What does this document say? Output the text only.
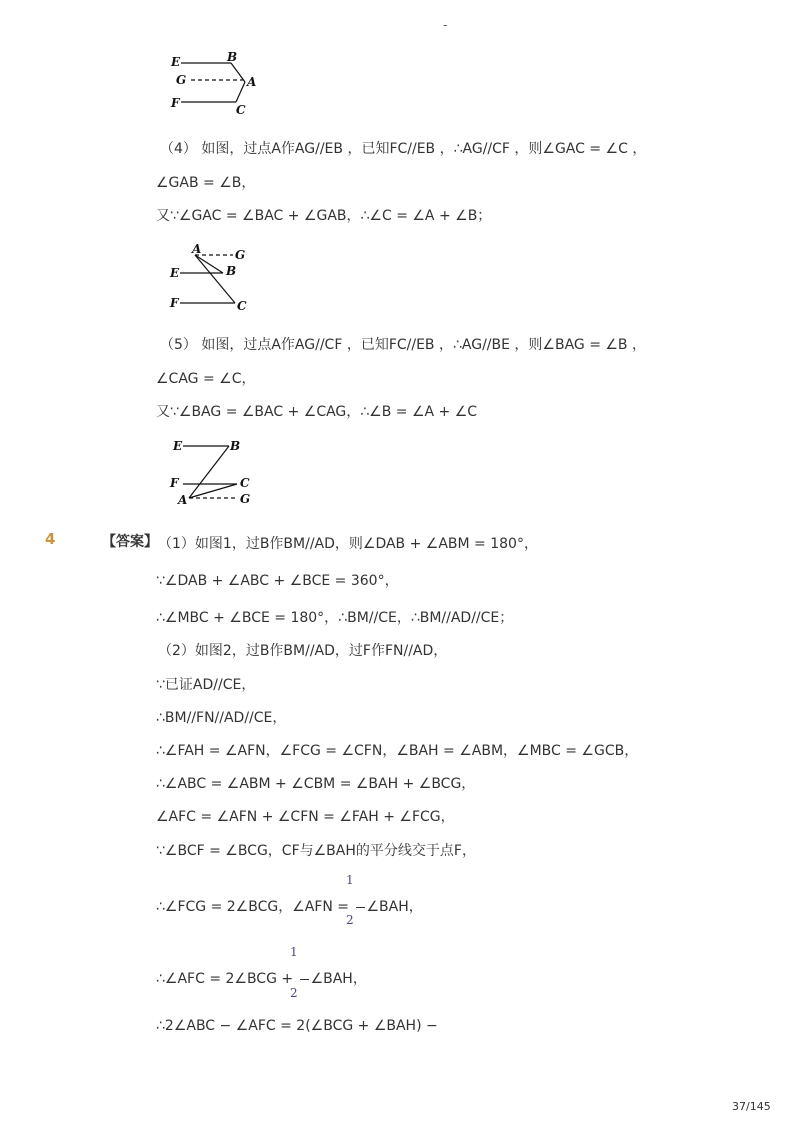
-
E	B
G	A
F	C
（4） 如图，过点A作AG//EB ，已知FC//EB ，∴AG//CF ，则∠GAC = ∠C ，
∠GAB = ∠B，
又∵∠GAC = ∠BAC + ∠GAB，∴∠C = ∠A + ∠B；
A	G
E	B
F	C
（5） 如图，过点A作AG//CF ，已知FC//EB ，∴AG//BE ，则∠BAG = ∠B ，
∠CAG = ∠C，
又∵∠BAG = ∠BAC + ∠CAG，∴∠B = ∠A + ∠C
E	B
F	C
A	G
4	【答案】 （1）如图1，过B作BM//AD，则∠DAB + ∠ABM = 180°，
∵∠DAB + ∠ABC + ∠BCE = 360°，
∴∠MBC + ∠BCE = 180°，∴BM//CE，∴BM//AD//CE；
（2）如图2，过B作BM//AD，过F作FN//AD，
∵已证AD//CE，
∴BM//FN//AD//CE，
∴∠FAH = ∠AFN，∠FCG = ∠CFN，∠BAH = ∠ABM，∠MBC = ∠GCB，
∴∠ABC = ∠ABM + ∠CBM = ∠BAH + ∠BCG，
∠AFC = ∠AFN + ∠CFN = ∠FAH + ∠FCG，
∵∠BCF = ∠BCG，CF与∠BAH的平分线交于点F，
1
∴∠FCG = 2∠BCG，∠AFN = ∠BAH，
2
1
∴∠AFC = 2∠BCG + ∠BAH，
2
∴2∠ABC − ∠AFC = 2(∠BCG + ∠BAH) −
37/145
